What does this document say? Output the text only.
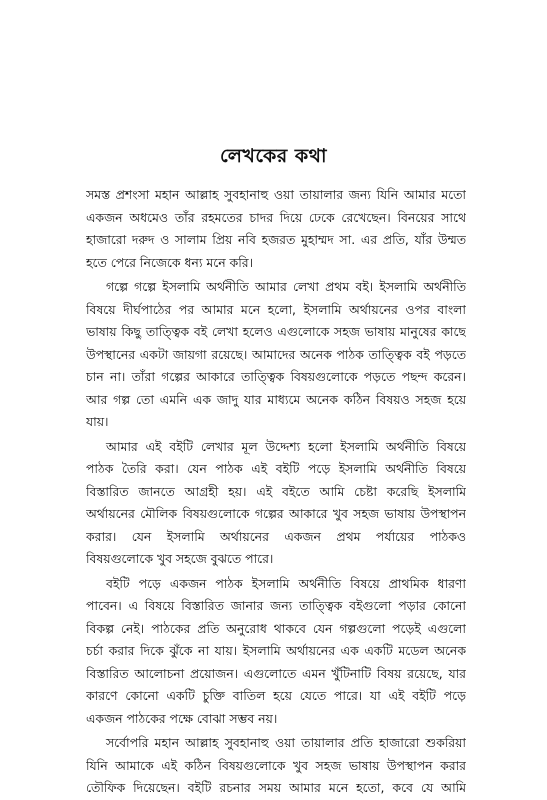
লেখকের কথা
সমস্ত প্রশংসা মহান আল্লাহ সুবহানাহু ওয়া তায়ালার জন্য যিনি আমার মতো
একজন অধমেও তাঁর রহমতের চাদর দিয়ে ঢেকে রেখেছেন। বিনয়ের সাথে
হাজারো দরুদ ও সালাম প্রিয় নবি হজরত মুহাম্মদ সা. এর প্রতি, যাঁর উম্মত
হতে পেরে নিজেকে ধন্য মনে করি।
গল্পে গল্পে ইসলামি অর্থনীতি আমার লেখা প্রথম বই। ইসলামি অর্থনীতি
বিষয়ে দীর্ঘপাঠের পর আমার মনে হলো, ইসলামি অর্থায়নের ওপর বাংলা
ভাষায় কিছু তাত্ত্বিক বই লেখা হলেও এগুলোকে সহজ ভাষায় মানুষের কাছে
উপস্থানের একটা জায়গা রয়েছে। আমাদের অনেক পাঠক তাত্ত্বিক বই পড়তে
চান না। তাঁরা গল্পের আকারে তাত্ত্বিক বিষয়গুলোকে পড়তে পছন্দ করেন।
আর গল্প তো এমনি এক জাদু যার মাধ্যমে অনেক কঠিন বিষয়ও সহজ হয়ে
যায়।
আমার এই বইটি লেখার মূল উদ্দেশ্য হলো ইসলামি অর্থনীতি বিষয়ে
পাঠক তৈরি করা। যেন পাঠক এই বইটি পড়ে ইসলামি অর্থনীতি বিষয়ে
বিস্তারিত জানতে আগ্রহী হয়। এই বইতে আমি চেষ্টা করেছি ইসলামি
অর্থায়নের মৌলিক বিষয়গুলোকে গল্পের আকারে খুব সহজ ভাষায় উপস্থাপন
করার। যেন ইসলামি অর্থায়নের একজন প্রথম পর্যায়ের পাঠকও
বিষয়গুলোকে খুব সহজে বুঝতে পারে।
বইটি পড়ে একজন পাঠক ইসলামি অর্থনীতি বিষয়ে প্রাথমিক ধারণা
পাবেন। এ বিষয়ে বিস্তারিত জানার জন্য তাত্ত্বিক বইগুলো পড়ার কোনো
বিকল্প নেই। পাঠকের প্রতি অনুরোধ থাকবে যেন গল্পগুলো পড়েই এগুলো
চর্চা করার দিকে ঝুঁকে না যায়। ইসলামি অর্থায়নের এক একটি মডেল অনেক
বিস্তারিত আলোচনা প্রয়োজন। এগুলোতে এমন খুঁটিনাটি বিষয় রয়েছে, যার
কারণে কোনো একটি চুক্তি বাতিল হয়ে যেতে পারে। যা এই বইটি পড়ে
একজন পাঠকের পক্ষে বোঝা সম্ভব নয়।
সর্বোপরি মহান আল্লাহ সুবহানাহু ওয়া তায়ালার প্রতি হাজারো শুকরিয়া
যিনি আমাকে এই কঠিন বিষয়গুলোকে খুব সহজ ভাষায় উপস্থাপন করার
তৌফিক দিয়েছেন। বইটি রচনার সময় আমার মনে হতো, কবে যে আমি
